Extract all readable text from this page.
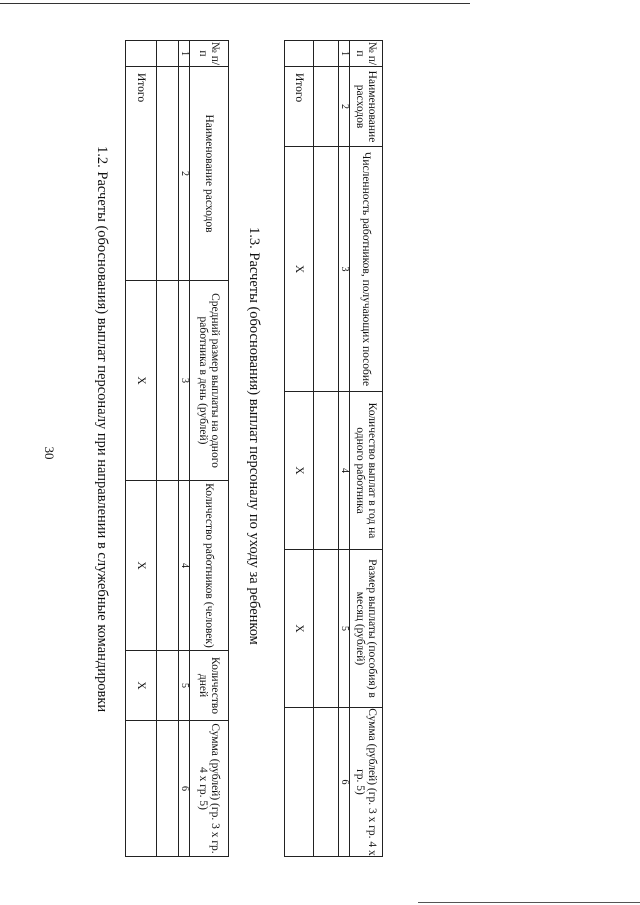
30	1.2. Расчеты (обоснования) выплат персоналу при направлении в служебные командировки
№ п/п	Наименование расходов	Средний размер выплаты на одного работника в день (рублей)	Количество работников (человек)	Количество дней	Сумма (рублей) (гр. 3 х гр. 4 х гр. 5)
1	2	3	4	5	6

	Итого	X	X	X	
1.3. Расчеты (обоснования) выплат персоналу по уходу за ребенком
№ п/п	Наименование расходов	Численность работников, получающих пособие	Количество выплат в год на одного работника	Размер выплаты (пособия) в месяц (рублей)	Сумма (рублей) (гр. 3 х гр. 4 х гр. 5)
1	2	3	4	5	6

	Итого	X	X	X	
